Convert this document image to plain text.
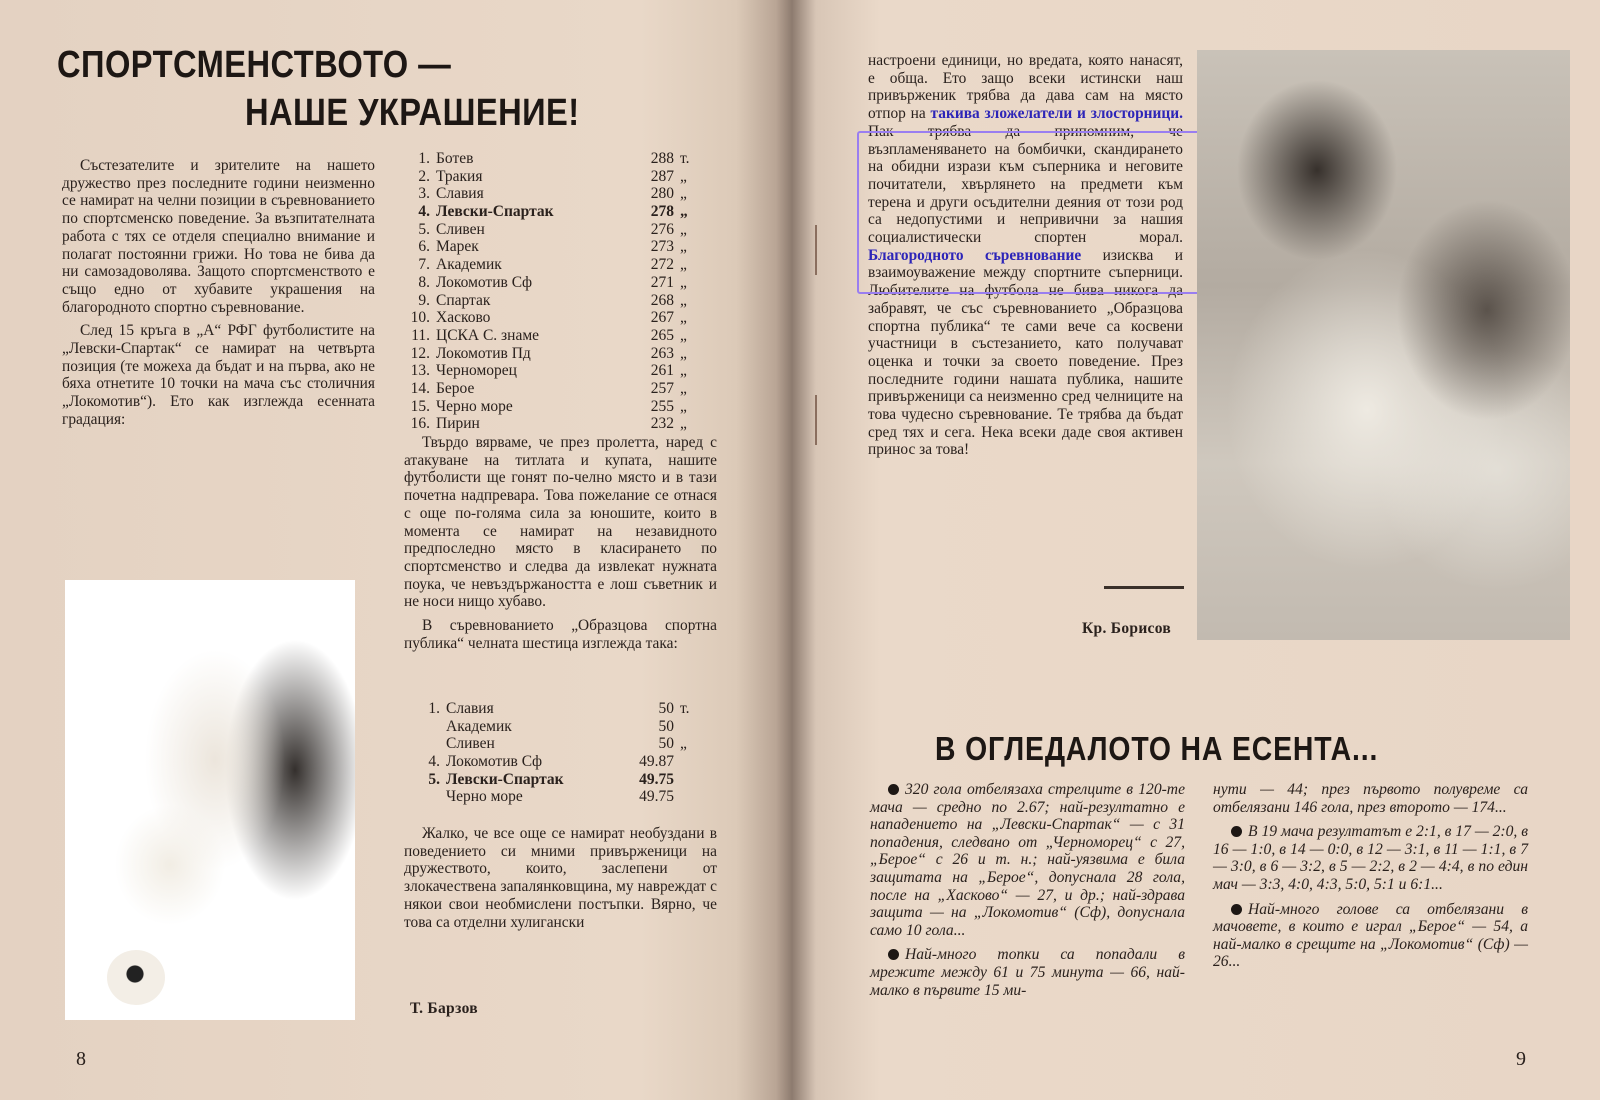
СПОРТСМЕНСТВОТО —
НАШЕ УКРАШЕНИЕ!

Състезателите и зрителите на нашето дружество през последните години неизменно се намират на челни позиции в съревнованието по спортсменско поведение. За възпитателната работа с тях се отделя специално внимание и полагат постоянни грижи. Но това не бива да ни самозадоволява. Защото спортсменството е също едно от хубавите украшения на благородното спортно съревнование.

След 15 кръга в „А“ РФГ футболистите на „Левски-Спартак“ се намират на четвърта позиция (те можеха да бъдат и на първа, ако не бяха отнетите 10 точки на мача със столичния „Локомотив“). Ето как изглежда есенната градация:

1. Ботев	288 т.
2. Тракия	287 „
3. Славия	280 „
4. Левски-Спартак	278 „
5. Сливен	276 „
6. Марек	273 „
7. Академик	272 „
8. Локомотив Сф	271 „
9. Спартак	268 „
10. Хасково	267 „
11. ЦСКА С. знаме	265 „
12. Локомотив Пд	263 „
13. Черноморец	261 „
14. Берое	257 „
15. Черно море	255 „
16. Пирин	232 „

Твърдо вярваме, че през пролетта, наред с атакуване на титлата и купата, нашите футболисти ще гонят по-челно място и в тази почетна надпревара. Това пожелание се отнася с още по-голяма сила за юношите, които в момента се намират на незавидното предпоследно място в класирането по спортсменство и следва да извлекат нужната поука, че невъздържаността е лош съветник и не носи нищо хубаво.

В съревнованието „Образцова спортна публика“ челната шестица изглежда така:

1. Славия	50 т.
Академик	50
Сливен	50 „
4. Локомотив Сф	49.87
5. Левски-Спартак	49.75
Черно море	49.75

Жалко, че все още се намират необуздани в поведението си мними привърженици на дружеството, които, заслепени от злокачествена запалянковщина, му навреждат с някои свои необмислени постъпки. Вярно, че това са отделни хулигански

Т. Барзов
8

настроени единици, но вредата, която нанасят, е обща. Ето защо всеки истински наш привърженик трябва да дава сам на място отпор на такива зложелатели и злосторници. Пак трябва да припомним, че възпламеняването на бомбички, скандирането на обидни изрази към съперника и неговите почитатели, хвърлянето на предмети към терена и други осъдителни деяния от този род са недопустими и непривични за нашия социалистически спортен морал. Благородното съревнование изисква и взаимоуважение между спортните съперници. Любителите на футбола не бива никога да забравят, че със съревнованието „Образцова спортна публика“ те сами вече са косвени участници в състезанието, като получават оценка и точки за своето поведение. През последните години нашата публика, нашите привърженици са неизменно сред челниците на това чудесно съревнование. Те трябва да бъдат сред тях и сега. Нека всеки даде своя активен принос за това!

Кр. Борисов
В ОГЛЕДАЛОТО НА ЕСЕНТА...

320 гола отбелязаха стрелците в 120-те мача — средно по 2.67; най-резултатно е нападението на „Левски-Спартак“ — с 31 попадения, следвано от „Черноморец“ с 27, „Берое“ с 26 и т. н.; най-уязвима е била защитата на „Берое“, допуснала 28 гола, после на „Хасково“ — 27, и др.; най-здрава защита — на „Локомотив“ (Сф), допуснала само 10 гола...

Най-много топки са попадали в мрежите между 61 и 75 минута — 66, най-малко в първите 15 ми-

нути — 44; през първото полувреме са отбелязани 146 гола, през второто — 174...

В 19 мача резултатът е 2:1, в 17 — 2:0, в 16 — 1:0, в 14 — 0:0, в 12 — 3:1, в 11 — 1:1, в 7 — 3:0, в 6 — 3:2, в 5 — 2:2, в 2 — 4:4, в по един мач — 3:3, 4:0, 4:3, 5:0, 5:1 и 6:1...

Най-много голове са отбелязани в мачовете, в които е играл „Берое“ — 54, а най-малко в срещите на „Локомотив“ (Сф) — 26...

9
